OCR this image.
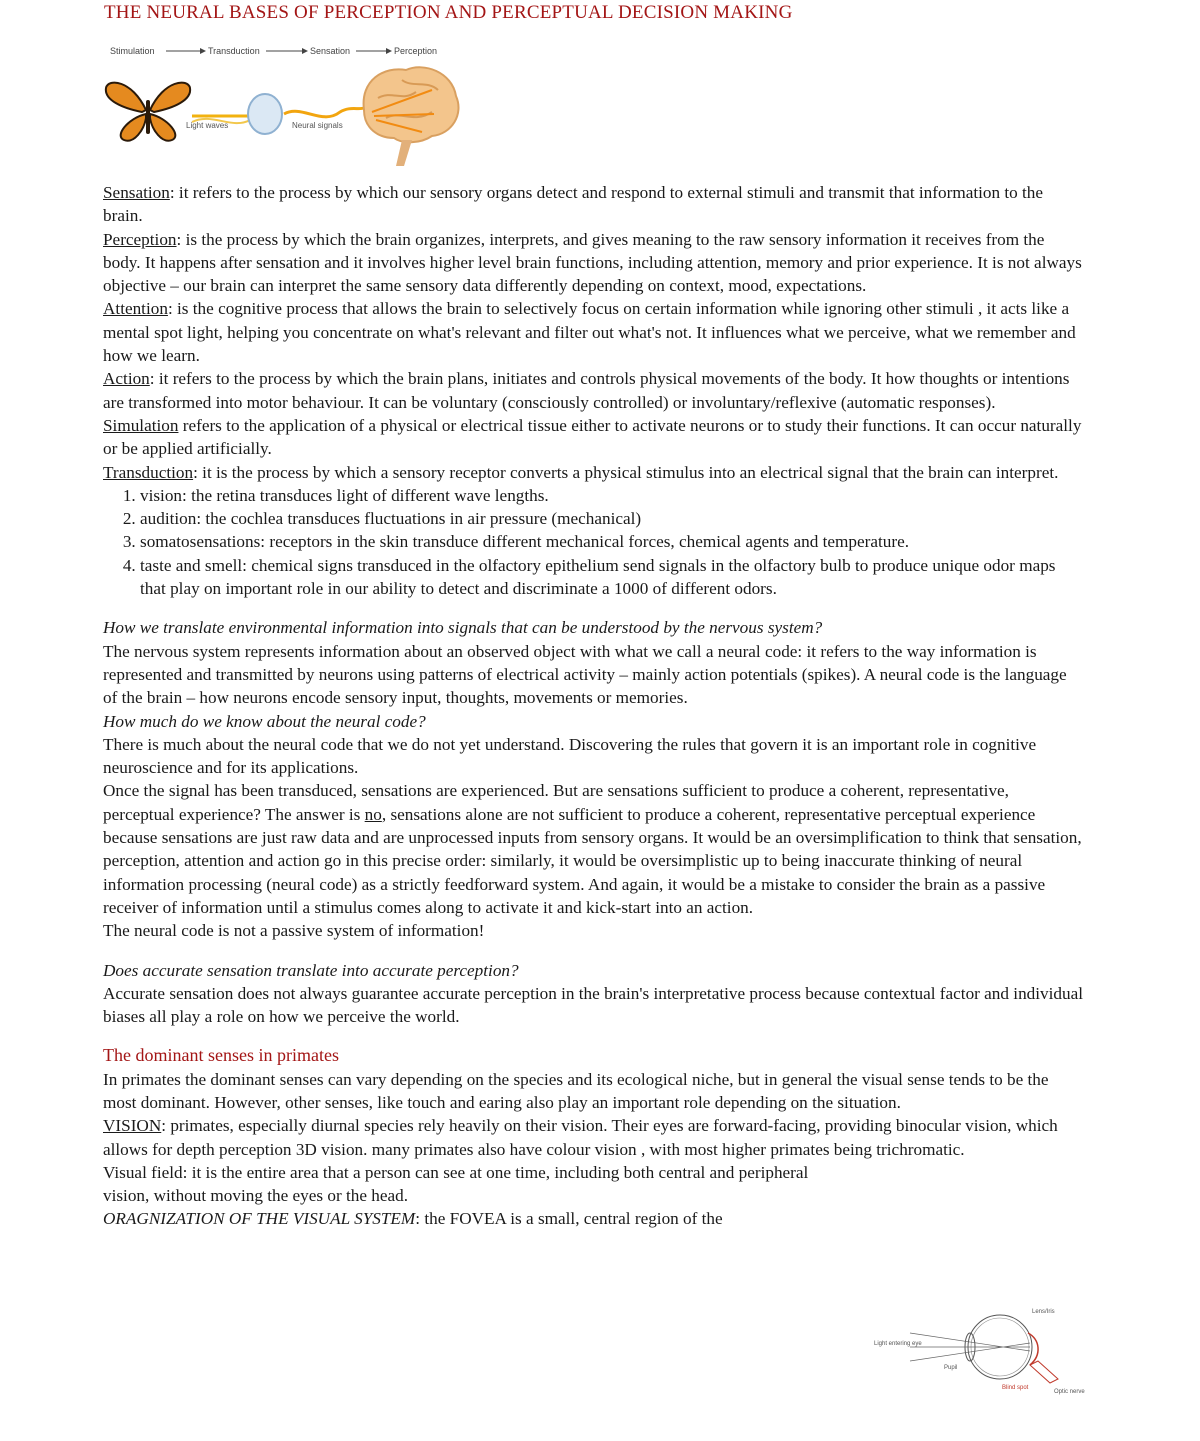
THE NEURAL BASES OF PERCEPTION AND PERCEPTUAL DECISION MAKING
Stimulation	Transduction	Sensation	Perception
Light waves	Neural signals

Sensation: it refers to the process by which our sensory organs detect and respond to external stimuli and transmit that information to the brain.

Perception: is the process by which the brain organizes, interprets, and gives meaning to the raw sensory information it receives from the body. It happens after sensation and it involves higher level brain functions, including attention, memory and prior experience. It is not always objective – our brain can interpret the same sensory data differently depending on context, mood, expectations.

Attention: is the cognitive process that allows the brain to selectively focus on certain information while ignoring other stimuli , it acts like a mental spot light, helping you concentrate on what's relevant and filter out what's not. It influences what we perceive, what we remember and how we learn.

Action: it refers to the process by which the brain plans, initiates and controls physical movements of the body. It how thoughts or intentions are transformed into motor behaviour. It can be voluntary (consciously controlled) or involuntary/reflexive (automatic responses).

Simulation refers to the application of a physical or electrical tissue either to activate neurons or to study their functions. It can occur naturally or be applied artificially.

Transduction: it is the process by which a sensory receptor converts a physical stimulus into an electrical signal that the brain can interpret.

1. vision: the retina transduces light of different wave lengths.
2. audition: the cochlea transduces fluctuations in air pressure (mechanical)
3. somatosensations: receptors in the skin transduce different mechanical forces, chemical agents and temperature.
4. taste and smell: chemical signs transduced in the olfactory epithelium send signals in the olfactory bulb to produce unique odor maps that play on important role in our ability to detect and discriminate a 1000 of different odors.

How we translate environmental information into signals that can be understood by the nervous system?

The nervous system represents information about an observed object with what we call a neural code: it refers to the way information is represented and transmitted by neurons using patterns of electrical activity – mainly action potentials (spikes). A neural code is the language of the brain – how neurons encode sensory input, thoughts, movements or memories.

How much do we know about the neural code?

There is much about the neural code that we do not yet understand. Discovering the rules that govern it is an important role in cognitive neuroscience and for its applications.

Once the signal has been transduced, sensations are experienced. But are sensations sufficient to produce a coherent, representative, perceptual experience? The answer is no, sensations alone are not sufficient to produce a coherent, representative perceptual experience because sensations are just raw data and are unprocessed inputs from sensory organs. It would be an oversimplification to think that sensation, perception, attention and action go in this precise order: similarly, it would be oversimplistic up to being inaccurate thinking of neural information processing (neural code) as a strictly feedforward system. And again, it would be a mistake to consider the brain as a passive receiver of information until a stimulus comes along to activate it and kick-start into an action.

The neural code is not a passive system of information!

Does accurate sensation translate into accurate perception?

Accurate sensation does not always guarantee accurate perception in the brain's interpretative process because contextual factor and individual biases all play a role on how we perceive the world.

The dominant senses in primates

In primates the dominant senses can vary depending on the species and its ecological niche, but in general the visual sense tends to be the most dominant. However, other senses, like touch and earing also play an important role depending on the situation.

VISION: primates, especially diurnal species rely heavily on their vision. Their eyes are forward-facing, providing binocular vision, which allows for depth perception 3D vision. many primates also have colour vision , with most higher primates being trichromatic.

Visual field: it is the entire area that a person can see at one time, including both central and peripheral vision, without moving the eyes or the head.

ORAGNIZATION OF THE VISUAL SYSTEM: the FOVEA is a small, central region of the

Light entering eye
Lens/Iris
Pupil
Blind spot
Optic nerve
